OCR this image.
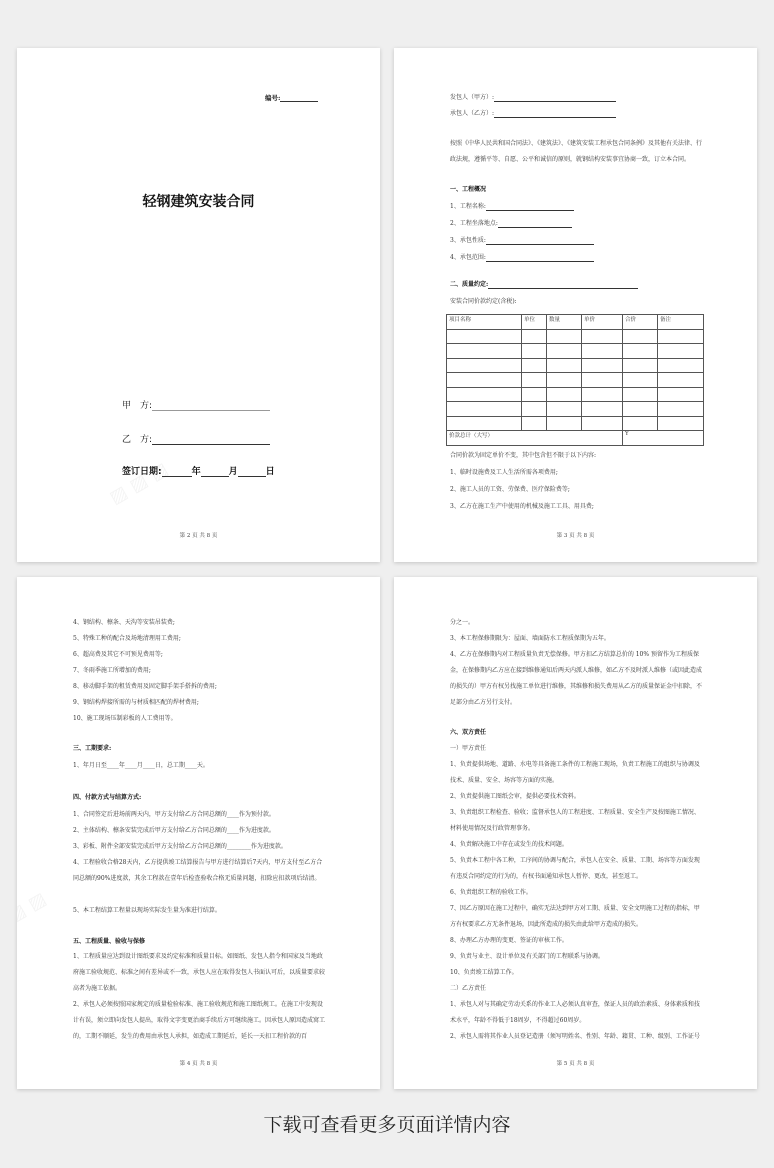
编号:
轻钢建筑安装合同
甲　方:
乙　方:
签订日期:	年	月	日
第 2 页 共 8 页
发包人（甲方）:
承包人（乙方）:
按照《中华人民共和国合同法》、《建筑法》、《建筑安装工程承包合同条例》及其他有关法律、行政法规，遵循平等、自愿、公平和诚信的原则，就钢结构安装事宜协商一致，订立本合同。
一、工程概况
1、工程名称:
2、工程坐落地点:
3、承包性质:
4、承包范围:
二、质量约定:
安装合同价款约定(含税):
项目名称	单位	数量	单价	合价	备注

价款总计（大写）				Y	
合同价款为固定单价不变，其中包含但不限于以下内容:
1、临时设施费及工人生活所需各项费用;
2、施工人员的工资、劳保费、医疗保险费等;
3、乙方在施工生产中使用的机械及施工工具、用具费;
第 3 页 共 8 页
4、钢结构、檩条、天沟等安装吊装费;
5、特殊工种的配合及场地清理用工费用;
6、超高费及其它不可预见费用等;
7、冬雨季施工所增加的费用;
8、移动脚手架的租赁费用及固定脚手架手搭拆的费用;
9、钢结构焊接所需的与材质相匹配的焊材费用;
10、施工现场压制彩板的人工费用等。
三、工期要求:
1、年月日至____年____月____日，总工期____天。
四、付款方式与结算方式:
1、合同签定后进场前两天内，甲方支付给乙方合同总额的____作为预付款。
2、主体结构、檩条安装完成后甲方支付给乙方合同总额的____作为进度款。
3、彩板、附件全部安装完成后甲方支付给乙方合同总额的________作为进度款。
4、工程验收合格28天内，乙方提供竣工结算报告与甲方进行结算后7天内，甲方支付至乙方合同总额的90%进度款，其余工程款在壹年后检查验收合格无质量问题，扣除应扣款项后结清。
5、本工程结算工程量以现场实际发生量为准进行结算。
五、工程质量、验收与保修
1、工程质量应达到设计图纸要求及约定标准和质量目标。如图纸、发包人指令和国家及当地政府施工验收规范、标准之间有差异或不一致，承包人应在取得发包人书面认可后，以质量要求较高者为施工依据。
2、承包人必须按照国家规定的质量检验标准、施工验收规范和施工图纸规工。在施工中发现设计有误，须立即向发包人提出，取得文字变更治商手续后方可继续施工。因承包人原因造成窝工的，工期不顺延，发生的费用由承包人承担，如造成工期延后，延长一天扣工程价款的百
第 4 页 共 8 页
分之一。
3、本工程保修期限为：屋面、墙面防水工程质保期为五年。
4、乙方在保修期内对工程质量负责无偿保修。甲方扣乙方结算总价的 10% 预留作为工程质保金，在保修期内乙方应在接到维修通知后两天内派人维修，如乙方不及时派人维修（或因此造成的损失的）甲方有权另找施工单位进行维修，其维修和损失费用从乙方的质量保证金中扣除，不足部分由乙方另行支付。
六、双方责任
一）甲方责任
1、负责提供场地、道路、水电等具备施工条件的工程施工现场，负责工程施工的组织与协调及技术、质量、安全、场容等方面的实施。
2、负责提供施工图纸会审，提供必要技术资料。
3、负责组织工程检查、验收；监督承包人的工程进度、工程质量、安全生产及按图施工情况、材料使用情况及行政管理事务。
4、负责解决施工中存在或发生的技术问题。
5、负责本工程中各工种，工序间的协调与配合，承包人在安全、质量、工期、场容等方面发现有违反合同约定的行为的，有权书面通知承包人暂停、更改，甚至返工。
6、负责组织工程的验收工作。
7、因乙方原因在施工过程中，确实无法达到甲方对工期、质量、安全文明施工过程的指标，甲方有权要求乙方无条件退场，因此所造成的损失由此给甲方造成的损失。
8、办理乙方办理的变更、签证的审核工作。
9、负责与业主、设计单位及有关部门的工程联系与协调。
10、负责竣工结算工作。
二）乙方责任
1、承包人对与其确定劳动关系的作业工人必须认真审查，保证人员的政治素质、身体素质和技术水平，年龄不得低于18周岁，不得超过60周岁。
2、承包人需将其作业人员登记造册（须写明姓名、性别、年龄、籍贯、工种、级别、工作证号
第 5 页 共 8 页
下载可查看更多页面详情内容
